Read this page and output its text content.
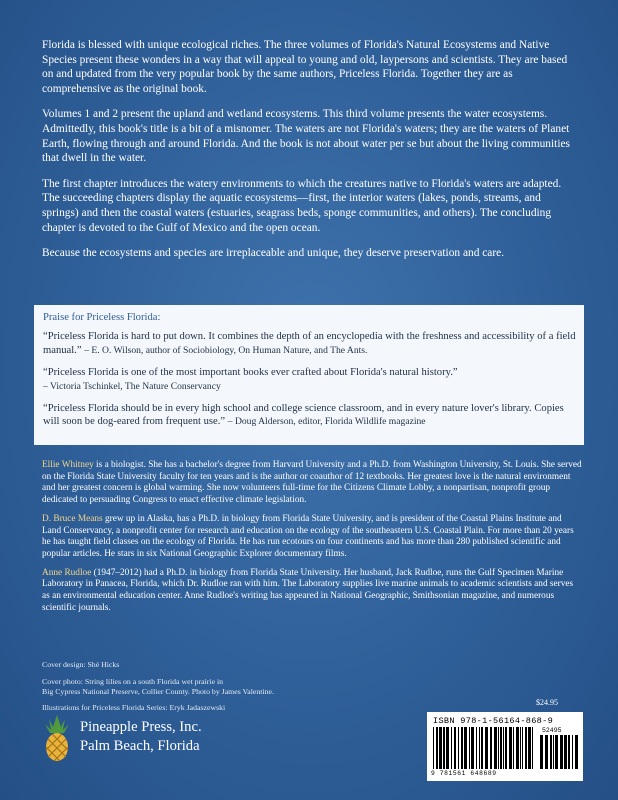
Florida is blessed with unique ecological riches. The three volumes of Florida's Natural Ecosystems and Native Species present these wonders in a way that will appeal to young and old, laypersons and scientists. They are based on and updated from the very popular book by the same authors, Priceless Florida. Together they are as comprehensive as the original book.

Volumes 1 and 2 present the upland and wetland ecosystems. This third volume presents the water ecosystems. Admittedly, this book's title is a bit of a misnomer. The waters are not Florida's waters; they are the waters of Planet Earth, flowing through and around Florida. And the book is not about water per se but about the living communities that dwell in the water.

The first chapter introduces the watery environments to which the creatures native to Florida's waters are adapted. The succeeding chapters display the aquatic ecosystems—first, the interior waters (lakes, ponds, streams, and springs) and then the coastal waters (estuaries, seagrass beds, sponge communities, and others). The concluding chapter is devoted to the Gulf of Mexico and the open ocean.

Because the ecosystems and species are irreplaceable and unique, they deserve preservation and care.

Praise for Priceless Florida:

“Priceless Florida is hard to put down. It combines the depth of an encyclopedia with the freshness and accessibility of a field manual.” – E. O. Wilson, author of Sociobiology, On Human Nature, and The Ants.

“Priceless Florida is one of the most important books ever crafted about Florida's natural history.”
– Victoria Tschinkel, The Nature Conservancy

“Priceless Florida should be in every high school and college science classroom, and in every nature lover's library. Copies will soon be dog-eared from frequent use.” – Doug Alderson, editor, Florida Wildlife magazine

Ellie Whitney is a biologist. She has a bachelor's degree from Harvard University and a Ph.D. from Washington University, St. Louis. She served on the Florida State University faculty for ten years and is the author or coauthor of 12 textbooks. Her greatest love is the natural environment and her greatest concern is global warming. She now volunteers full-time for the Citizens Climate Lobby, a nonpartisan, nonprofit group dedicated to persuading Congress to enact effective climate legislation.

D. Bruce Means grew up in Alaska, has a Ph.D. in biology from Florida State University, and is president of the Coastal Plains Institute and Land Conservancy, a nonprofit center for research and education on the ecology of the southeastern U.S. Coastal Plain. For more than 20 years he has taught field classes on the ecology of Florida. He has run ecotours on four continents and has more than 280 published scientific and popular articles. He stars in six National Geographic Explorer documentary films.

Anne Rudloe (1947–2012) had a Ph.D. in biology from Florida State University. Her husband, Jack Rudloe, runs the Gulf Specimen Marine Laboratory in Panacea, Florida, which Dr. Rudloe ran with him. The Laboratory supplies live marine animals to academic scientists and serves as an environmental education center. Anne Rudloe's writing has appeared in National Geographic, Smithsonian magazine, and numerous scientific journals.

Cover design: Shé Hicks
Cover photo: String lilies on a south Florida wet prairie in
Big Cypress National Preserve, Collier County. Photo by James Valentine.
Illustrations for Priceless Florida Series: Eryk Jadaszewski
$24.95
ISBN 978-1-56164-868-9
52495
9 781561 648689
Pineapple Press, Inc.
Palm Beach, Florida
